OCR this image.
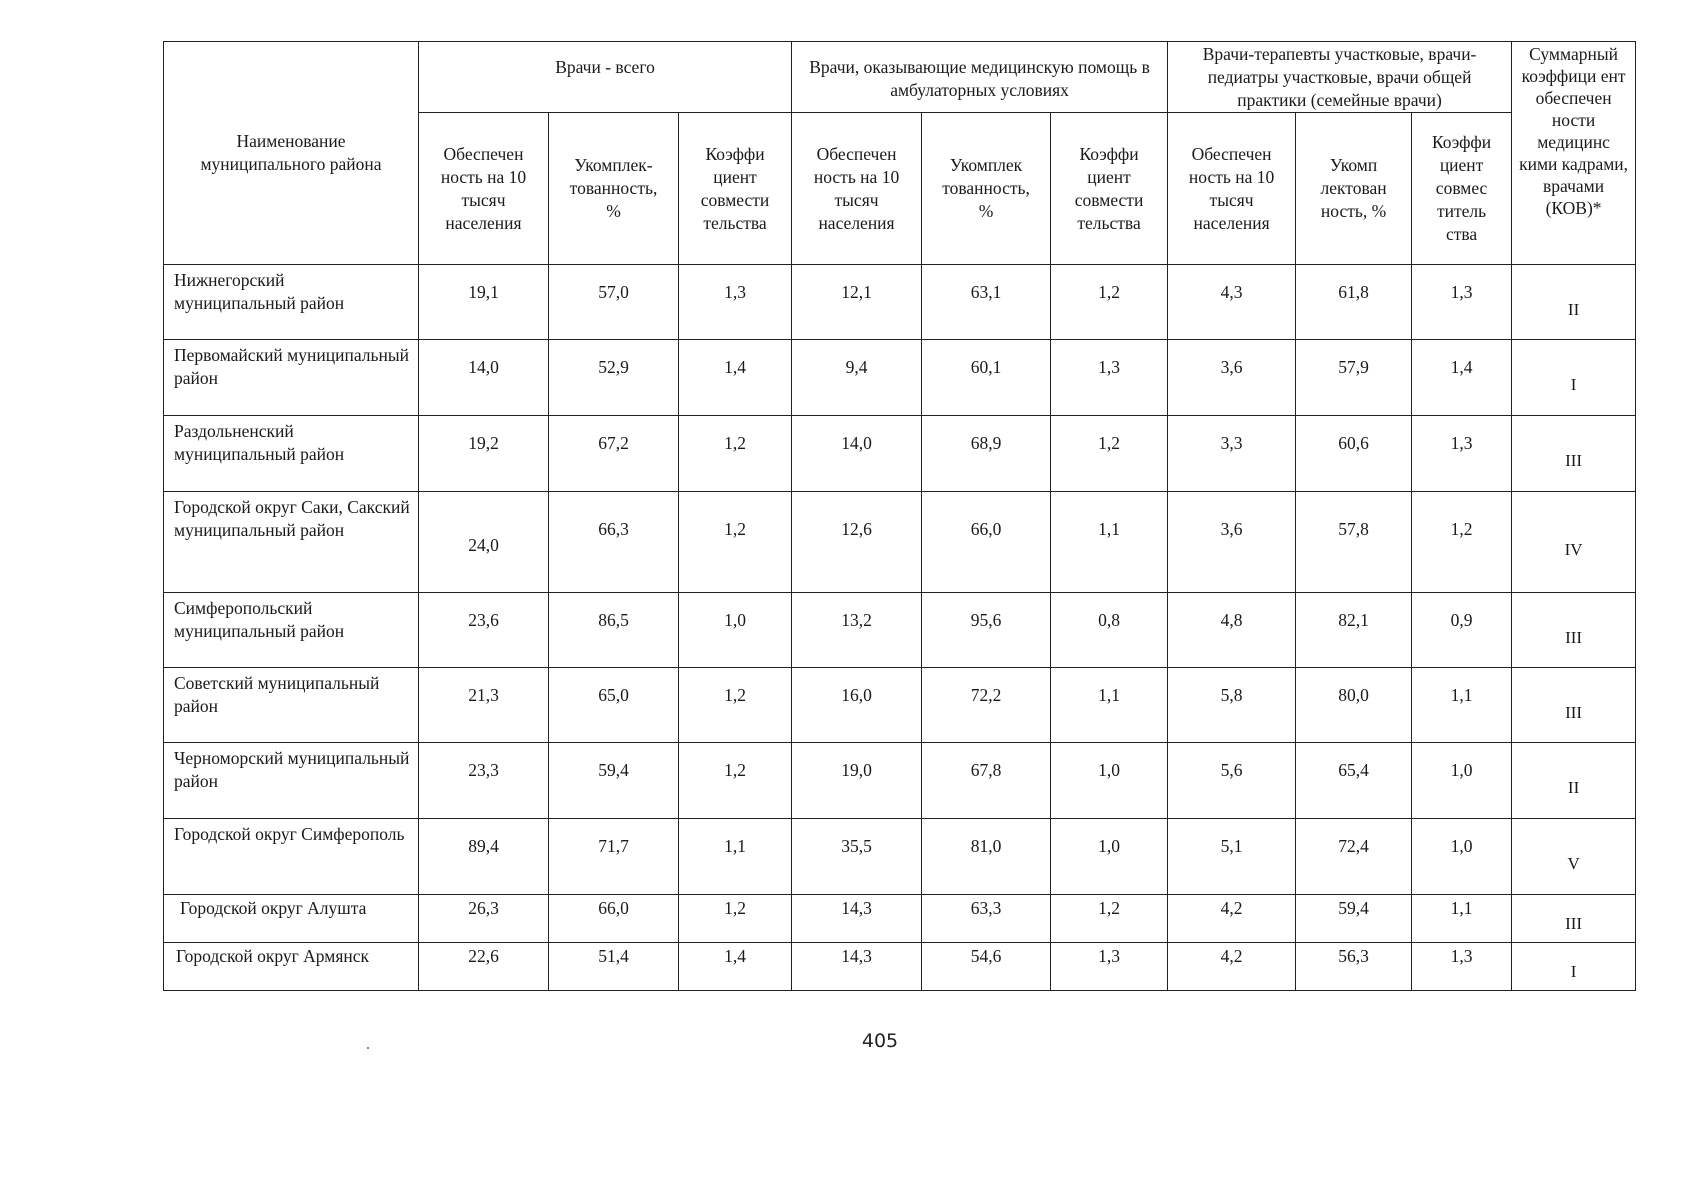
Наименование муниципального района	Врачи - всего			Врачи, оказывающие медицинскую помощь в амбулаторных условиях			Врачи-терапевты участковые, врачи-педиатры участковые, врачи общей практики (семейные врачи)			Суммарный коэффици ент обеспечен ности медицинс кими кадрами, врачами (КОВ)*
	Обеспечен ность на 10 тысяч населения	Укомплек-тованность, %	Коэффи циент совмести тельства	Обеспечен ность на 10 тысяч населения	Укомплек тованность, %	Коэффи циент совмести тельства	Обеспечен ность на 10 тысяч населения	Укомп лектован ность, %	Коэффи циент совмес титель ства	
Нижнегорский муниципальный район	19,1	57,0	1,3	12,1	63,1	1,2	4,3	61,8	1,3	II
Первомайский муниципальный район	14,0	52,9	1,4	9,4	60,1	1,3	3,6	57,9	1,4	I
Раздольненский муниципальный район	19,2	67,2	1,2	14,0	68,9	1,2	3,3	60,6	1,3	III
Городской округ Саки, Сакский муниципальный район	24,0	66,3	1,2	12,6	66,0	1,1	3,6	57,8	1,2	IV
Симферопольский муниципальный район	23,6	86,5	1,0	13,2	95,6	0,8	4,8	82,1	0,9	III
Советский муниципальный район	21,3	65,0	1,2	16,0	72,2	1,1	5,8	80,0	1,1	III
Черноморский муниципальный район	23,3	59,4	1,2	19,0	67,8	1,0	5,6	65,4	1,0	II
Городской округ Симферополь	89,4	71,7	1,1	35,5	81,0	1,0	5,1	72,4	1,0	V
Городской округ Алушта	26,3	66,0	1,2	14,3	63,3	1,2	4,2	59,4	1,1	III
Городской округ Армянск	22,6	51,4	1,4	14,3	54,6	1,3	4,2	56,3	1,3	I
405
